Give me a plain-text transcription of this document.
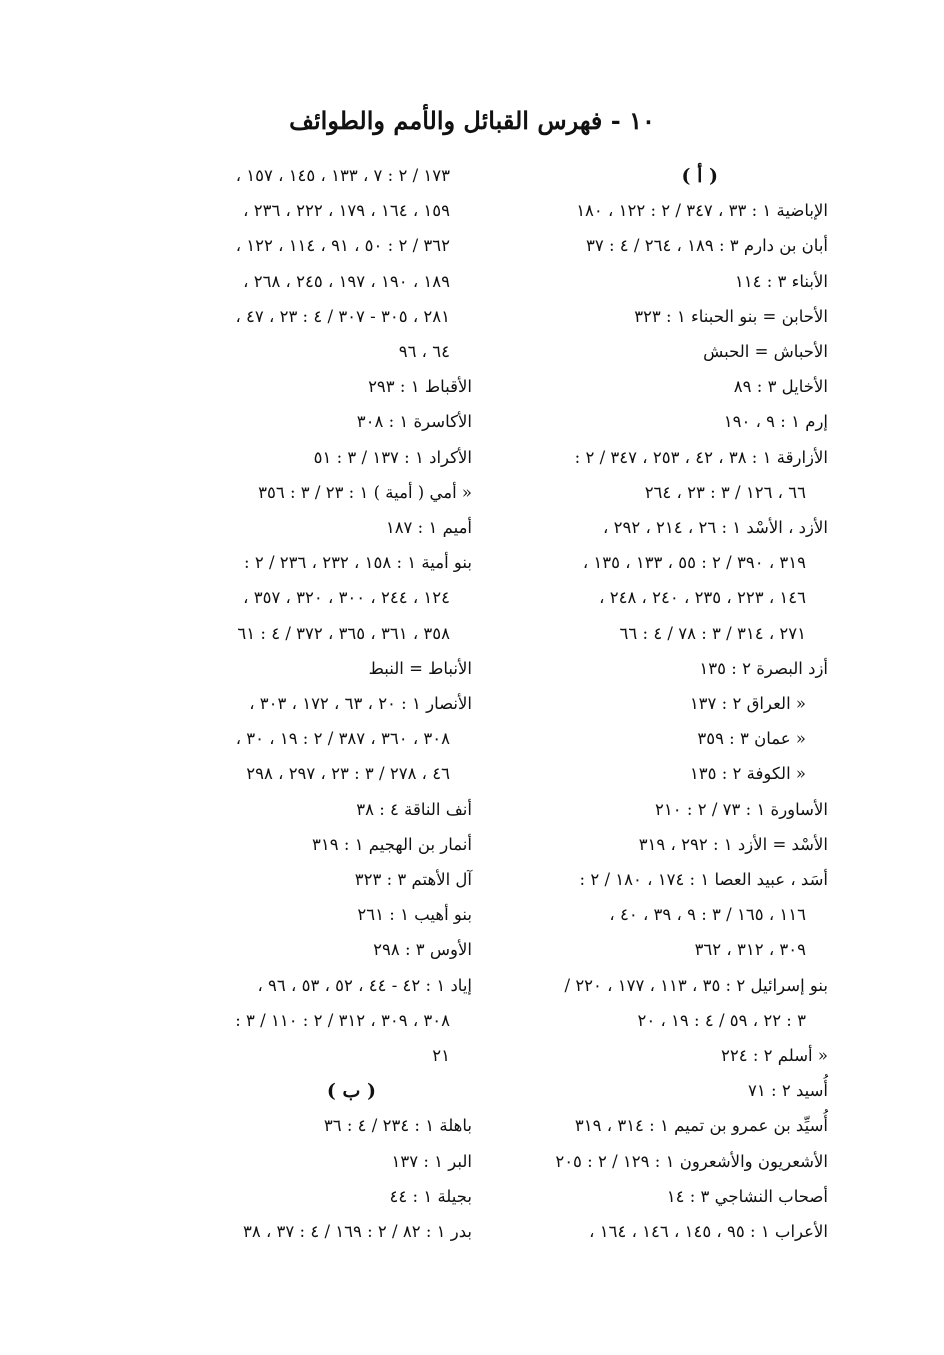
١٠ - فهرس القبائل والأمم والطوائف
( أ )
الإباضية ١ : ٣٣ ، ٣٤٧ / ٢ : ١٢٢ ، ١٨٠
أبان بن دارم ٣ : ١٨٩ ، ٢٦٤ / ٤ : ٣٧
الأبناء ٣ : ١١٤
الأحابن = بنو الحبناء ١ : ٣٢٣
الأحباش = الحبش
الأخايل ٣ : ٨٩
إرم ١ : ٩ ، ١٩٠
الأزارقة ١ : ٣٨ ، ٤٢ ، ٢٥٣ ، ٣٤٧ / ٢ :
٦٦ ، ١٢٦ / ٣ : ٢٣ ، ٢٦٤
الأزد ، الأسْد ١ : ٢٦ ، ٢١٤ ، ٢٩٢ ،
٣١٩ ، ٣٩٠ / ٢ : ٥٥ ، ١٣٣ ، ١٣٥ ،
١٤٦ ، ٢٢٣ ، ٢٣٥ ، ٢٤٠ ، ٢٤٨ ،
٢٧١ ، ٣١٤ / ٣ : ٧٨ / ٤ : ٦٦
أزد البصرة ٢ : ١٣٥
« العراق ٢ : ١٣٧
« عمان ٣ : ٣٥٩
« الكوفة ٢ : ١٣٥
الأساورة ١ : ٧٣ / ٢ : ٢١٠
الأسْد = الأزد ١ : ٢٩٢ ، ٣١٩
أسَد ، عبيد العصا ١ : ١٧٤ ، ١٨٠ / ٢ :
١١٦ ، ١٦٥ / ٣ : ٩ ، ٣٩ ، ٤٠ ،
٣٠٩ ، ٣١٢ ، ٣٦٢
بنو إسرائيل ٢ : ٣٥ ، ١١٣ ، ١٧٧ ، ٢٢٠ /
٣ : ٢٢ ، ٥٩ / ٤ : ١٩ ، ٢٠
« أسلم ٢ : ٢٢٤
أُسيد ٢ : ٧١
أُسيِّد بن عمرو بن تميم ١ : ٣١٤ ، ٣١٩
الأشعريون والأشعرون ١ : ١٢٩ / ٢ : ٢٠٥
أصحاب النشاجي ٣ : ١٤
الأعراب ١ : ٩٥ ، ١٤٥ ، ١٤٦ ، ١٦٤ ،
١٧٣ / ٢ : ٧ ، ١٣٣ ، ١٤٥ ، ١٥٧ ،
١٥٩ ، ١٦٤ ، ١٧٩ ، ٢٢٢ ، ٢٣٦ ،
٣٦٢ / ٢ : ٥٠ ، ٩١ ، ١١٤ ، ١٢٢ ،
١٨٩ ، ١٩٠ ، ١٩٧ ، ٢٤٥ ، ٢٦٨ ،
٢٨١ ، ٣٠٥ - ٣٠٧ / ٤ : ٢٣ ، ٤٧ ،
٦٤ ، ٩٦
الأقباط ١ : ٢٩٣
الأكاسرة ١ : ٣٠٨
الأكراد ١ : ١٣٧ / ٣ : ٥١
« أمي ( أمية ) ١ : ٢٣ / ٣ : ٣٥٦
أميم ١ : ١٨٧
بنو أمية ١ : ١٥٨ ، ٢٣٢ ، ٢٣٦ / ٢ :
١٢٤ ، ٢٤٤ ، ٣٠٠ ، ٣٢٠ ، ٣٥٧ ،
٣٥٨ ، ٣٦١ ، ٣٦٥ ، ٣٧٢ / ٤ : ٦١
الأنباط = النبط
الأنصار ١ : ٢٠ ، ٦٣ ، ١٧٢ ، ٣٠٣ ،
٣٠٨ ، ٣٦٠ ، ٣٨٧ / ٢ : ١٩ ، ٣٠ ،
٤٦ ، ٢٧٨ / ٣ : ٢٣ ، ٢٩٧ ، ٢٩٨
أنف الناقة ٤ : ٣٨
أنمار بن الهجيم ١ : ٣١٩
آل الأهتم ٣ : ٣٢٣
بنو أهيب ١ : ٢٦١
الأوس ٣ : ٢٩٨
إياد ١ : ٤٢ - ٤٤ ، ٥٢ ، ٥٣ ، ٩٦ ،
٣٠٨ ، ٣٠٩ ، ٣١٢ / ٢ : ١١٠ / ٣ :
٢١
( ب )
باهلة ١ : ٢٣٤ / ٤ : ٣٦
البر ١ : ١٣٧
بجيلة ١ : ٤٤
بدر ١ : ٨٢ / ٢ : ١٦٩ / ٤ : ٣٧ ، ٣٨
